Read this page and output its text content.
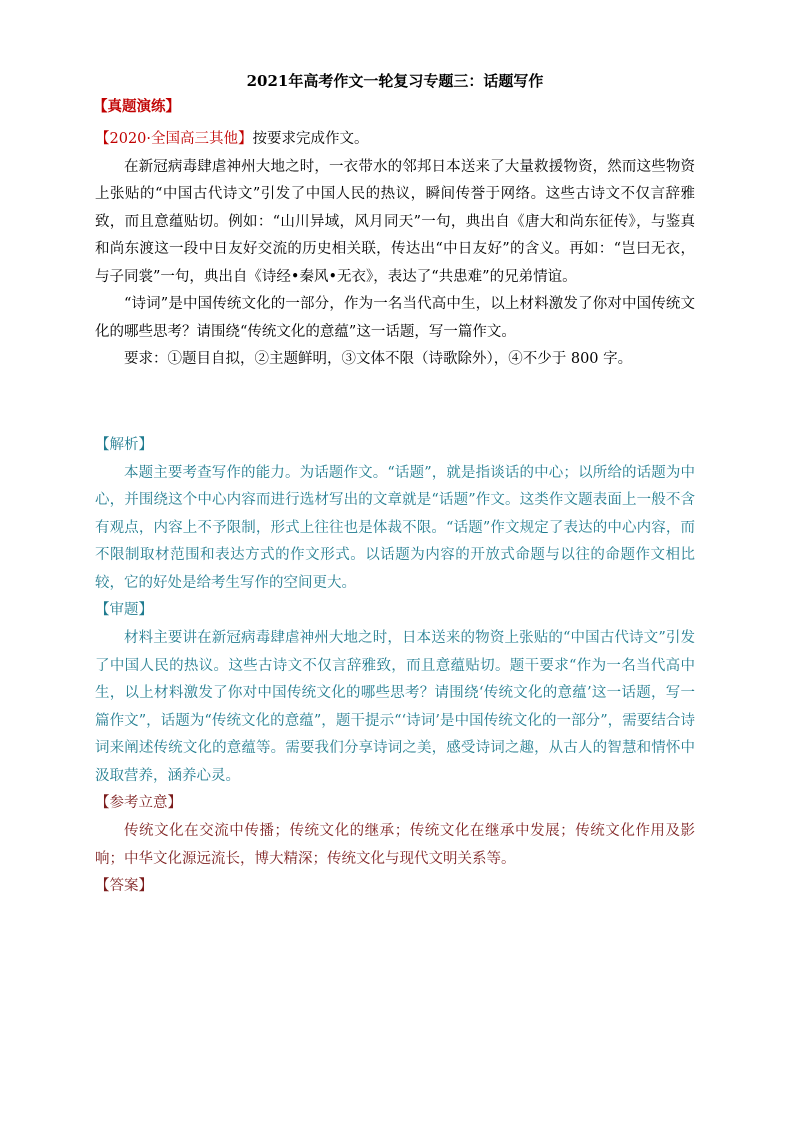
2021年高考作文一轮复习专题三：话题写作
【真题演练】

【2020·全国高三其他】按要求完成作文。

在新冠病毒肆虐神州大地之时，一衣带水的邻邦日本送来了大量救援物资，然而这些物资上张贴的“中国古代诗文”引发了中国人民的热议，瞬间传誉于网络。这些古诗文不仅言辞雅致，而且意蕴贴切。例如：“山川异域，风月同天”一句，典出自《唐大和尚东征传》，与鉴真和尚东渡这一段中日友好交流的历史相关联，传达出“中日友好”的含义。再如：“岂曰无衣，与子同裳”一句，典出自《诗经•秦风•无衣》，表达了“共患难”的兄弟情谊。

“诗词”是中国传统文化的一部分，作为一名当代高中生，以上材料激发了你对中国传统文化的哪些思考？请围绕“传统文化的意蕴”这一话题，写一篇作文。

要求：①题目自拟，②主题鲜明，③文体不限（诗歌除外），④不少于 800 字。

【解析】

本题主要考查写作的能力。为话题作文。“话题”，就是指谈话的中心；以所给的话题为中心，并围绕这个中心内容而进行选材写出的文章就是“话题”作文。这类作文题表面上一般不含有观点，内容上不予限制，形式上往往也是体裁不限。“话题”作文规定了表达的中心内容，而不限制取材范围和表达方式的作文形式。以话题为内容的开放式命题与以往的命题作文相比较，它的好处是给考生写作的空间更大。

【审题】

材料主要讲在新冠病毒肆虐神州大地之时，日本送来的物资上张贴的“中国古代诗文”引发了中国人民的热议。这些古诗文不仅言辞雅致，而且意蕴贴切。题干要求“作为一名当代高中生，以上材料激发了你对中国传统文化的哪些思考？请围绕‘传统文化的意蕴’这一话题，写一篇作文”，话题为“传统文化的意蕴”，题干提示“‘诗词’是中国传统文化的一部分”，需要结合诗词来阐述传统文化的意蕴等。需要我们分享诗词之美，感受诗词之趣，从古人的智慧和情怀中汲取营养，涵养心灵。

【参考立意】

传统文化在交流中传播；传统文化的继承；传统文化在继承中发展；传统文化作用及影响；中华文化源远流长，博大精深；传统文化与现代文明关系等。

【答案】
